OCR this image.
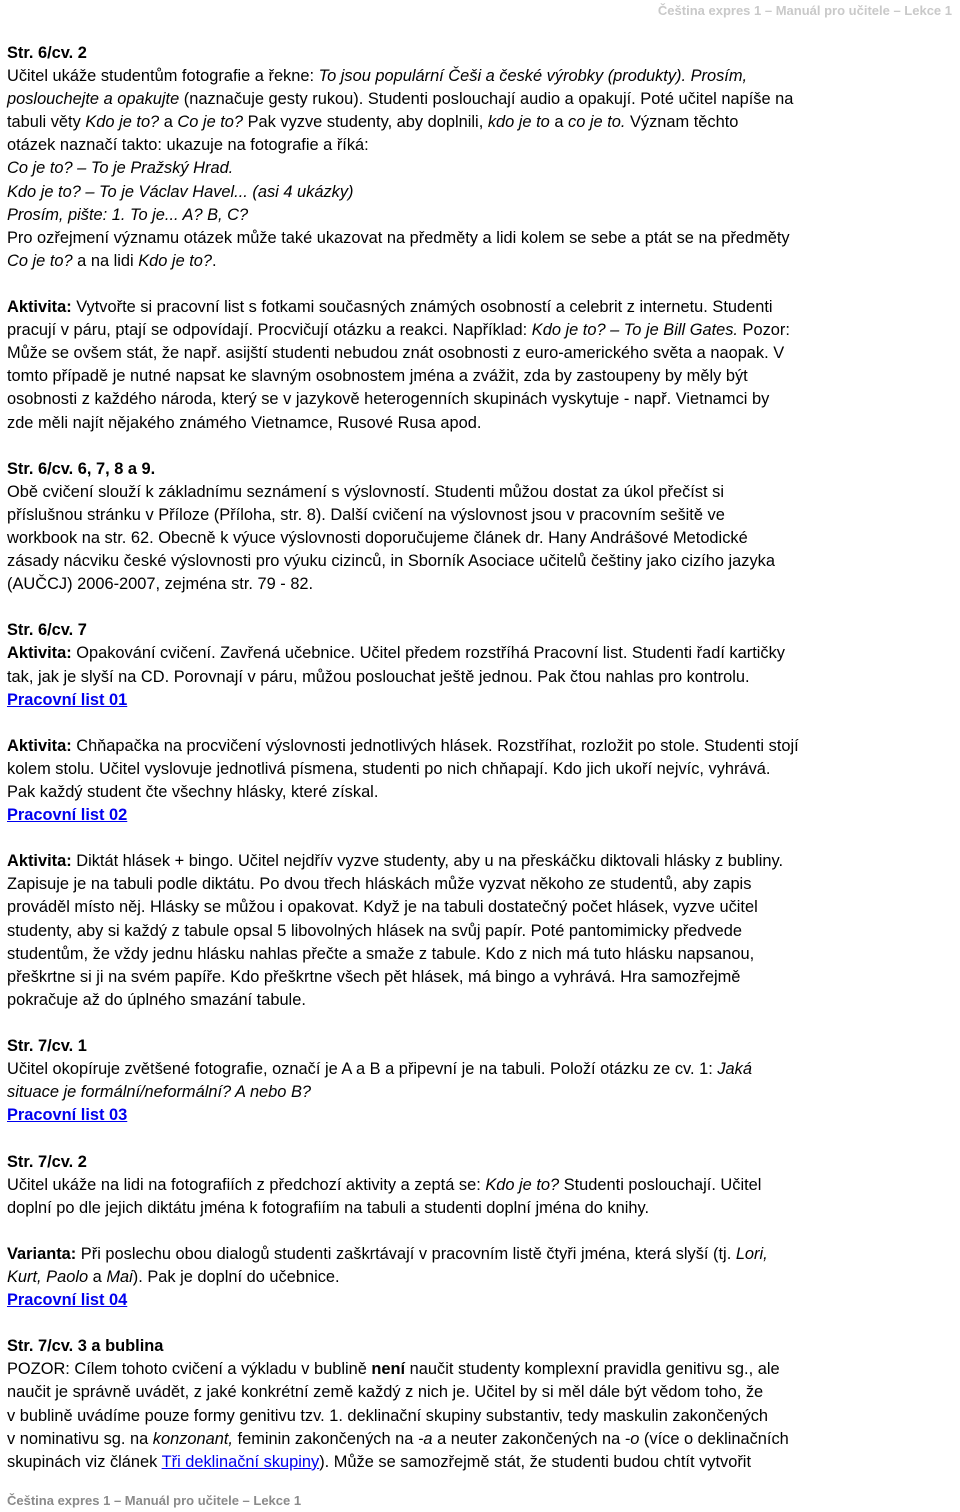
Čeština expres 1 – Manuál pro učitele – Lekce 1
Str. 6/cv. 2
Učitel ukáže studentům fotografie a řekne: To jsou populární Češi a české výrobky (produkty). Prosím,
poslouchejte a opakujte (naznačuje gesty rukou). Studenti poslouchají audio a opakují. Poté učitel napíše na
tabuli věty Kdo je to? a Co je to? Pak vyzve studenty, aby doplnili, kdo je to a co je to. Význam těchto
otázek naznačí takto: ukazuje na fotografie a říká:
Co je to? – To je Pražský Hrad.
Kdo je to? – To je Václav Havel... (asi 4 ukázky)
Prosím, pište: 1. To je... A? B, C?
Pro ozřejmení významu otázek může také ukazovat na předměty a lidi kolem se sebe a ptát se na předměty
Co je to? a na lidi Kdo je to?.
Aktivita: Vytvořte si pracovní list s fotkami současných známých osobností a celebrit z internetu. Studenti
pracují v páru, ptají se odpovídají. Procvičují otázku a reakci. Například: Kdo je to? – To je Bill Gates. Pozor:
Může se ovšem stát, že např. asijští studenti nebudou znát osobnosti z euro-amerického světa a naopak. V
tomto případě je nutné napsat ke slavným osobnostem jména a zvážit, zda by zastoupeny by měly být
osobnosti z každého národa, který se v jazykově heterogenních skupinách vyskytuje - např. Vietnamci by
zde měli najít nějakého známého Vietnamce, Rusové Rusa apod.
Str. 6/cv. 6, 7, 8 a 9.
Obě cvičení slouží k základnímu seznámení s výslovností. Studenti můžou dostat za úkol přečíst si
příslušnou stránku v Příloze (Příloha, str. 8). Další cvičení na výslovnost jsou v pracovním sešitě ve
workbook na str. 62. Obecně k výuce výslovnosti doporučujeme článek dr. Hany Andrášové Metodické
zásady nácviku české výslovnosti pro výuku cizinců, in Sborník Asociace učitelů češtiny jako cizího jazyka
(AUČCJ) 2006-2007, zejména str. 79 - 82.
Str. 6/cv. 7
Aktivita: Opakování cvičení. Zavřená učebnice. Učitel předem rozstříhá Pracovní list. Studenti řadí kartičky
tak, jak je slyší na CD. Porovnají v páru, můžou poslouchat ještě jednou. Pak čtou nahlas pro kontrolu.
Pracovní list 01
Aktivita: Chňapačka na procvičení výslovnosti jednotlivých hlásek. Rozstříhat, rozložit po stole. Studenti stojí
kolem stolu. Učitel vyslovuje jednotlivá písmena, studenti po nich chňapají. Kdo jich ukoří nejvíc, vyhrává.
Pak každý student čte všechny hlásky, které získal.
Pracovní list 02
Aktivita: Diktát hlásek + bingo. Učitel nejdřív vyzve studenty, aby u na přeskáčku diktovali hlásky z bubliny.
Zapisuje je na tabuli podle diktátu. Po dvou třech hláskách může vyzvat někoho ze studentů, aby zapis
prováděl místo něj. Hlásky se můžou i opakovat. Když je na tabuli dostatečný počet hlásek, vyzve učitel
studenty, aby si každý z tabule opsal 5 libovolných hlásek na svůj papír. Poté pantomimicky předvede
studentům, že vždy jednu hlásku nahlas přečte a smaže z tabule. Kdo z nich má tuto hlásku napsanou,
přeškrtne si ji na svém papíře. Kdo přeškrtne všech pět hlásek, má bingo a vyhrává. Hra samozřejmě
pokračuje až do úplného smazání tabule.
Str. 7/cv. 1
Učitel okopíruje zvětšené fotografie, označí je A a B a připevní je na tabuli. Položí otázku ze cv. 1: Jaká
situace je formální/neformální? A nebo B?
Pracovní list 03
Str. 7/cv. 2
Učitel ukáže na lidi na fotografiích z předchozí aktivity a zeptá se: Kdo je to? Studenti poslouchají. Učitel
doplní po dle jejich diktátu jména k fotografiím na tabuli a studenti doplní jména do knihy.
Varianta: Při poslechu obou dialogů studenti zaškrtávají v pracovním listě čtyři jména, která slyší (tj. Lori,
Kurt, Paolo a Mai). Pak je doplní do učebnice.
Pracovní list 04
Str. 7/cv. 3 a bublina
POZOR: Cílem tohoto cvičení a výkladu v bublině není naučit studenty komplexní pravidla genitivu sg., ale
naučit je správně uvádět, z jaké konkrétní země každý z nich je. Učitel by si měl dále být vědom toho, že
v bublině uvádíme pouze formy genitivu tzv. 1. deklinační skupiny substantiv, tedy maskulin zakončených
v nominativu sg. na konzonant, feminin zakončených na -a a neuter zakončených na -o (více o deklinačních
skupinách viz článek Tři deklinační skupiny). Může se samozřejmě stát, že studenti budou chtít vytvořit
Čeština expres 1 – Manuál pro učitele – Lekce 1
